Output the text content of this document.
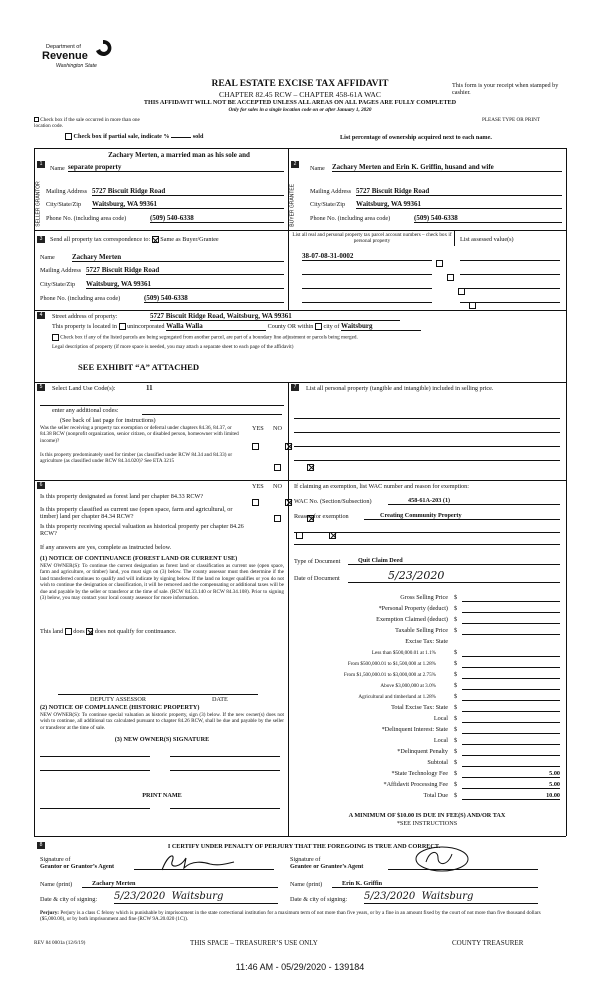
Department of
Revenue
Washington State
REAL ESTATE EXCISE TAX AFFIDAVIT
CHAPTER 82.45 RCW – CHAPTER 458-61A WAC
THIS AFFIDAVIT WILL NOT BE ACCEPTED UNLESS ALL AREAS ON ALL PAGES ARE FULLY COMPLETED
Only for sales in a single location code on or after January 1, 2020
This form is your receipt when stamped by cashier.
PLEASE TYPE OR PRINT
Check box if the sale occurred in more than one location code.
Check box if partial sale, indicate %	sold	List percentage of ownership acquired next to each name.
1
SELLER GRANTOR
Zachary Merten, a married man as his sole and
Name separate property
Mailing Address 5727 Biscuit Ridge Road
City/State/Zip Waitsburg, WA 99361
Phone No. (including area code)	(509) 540-6338
2
BUYER GRANTEE
Name Zachary Merten and Erin K. Griffin, husand and wife
Mailing Address 5727 Biscuit Ridge Road
City/State/Zip Waitsburg, WA 99361
Phone No. (including area code)	(509) 540-6338
3	Send all property tax correspondence to: Same as Buyer/Grantee
Name Zachary Merten
Mailing Address 5727 Biscuit Ridge Road
City/State/Zip Waitsburg, WA 99361
Phone No. (including area code)	(509) 540-6338
List all real and personal property tax parcel account numbers – check box if personal property	List assessed value(s)
38-07-08-31-0002

4	Street address of property:	5727 Biscuit Ridge Road, Waitsburg, WA 99361
This property is located in unincorporated Walla Walla	County OR within city of Waitsburg
Check box if any of the listed parcels are being segregated from another parcel, are part of a boundary line adjustment or parcels being merged.
Legal description of property (if more space is needed, you may attach a separate sheet to each page of the affidavit)
SEE EXHIBIT “A” ATTACHED
5	Select Land Use Code(s):	11
enter any additional codes:
(See back of last page for instructions)
YES NO
Was the seller receiving a property tax exemption or deferral under chapters 84.36, 84.37, or 84.38 RCW (nonprofit organization, senior citizen, or disabled person, homeowner with limited income)?

Is this property predominately used for timber (as classified under RCW 84.34 and 84.33) or agriculture (as classified under RCW 84.34.020)? See ETA 3215

7	List all personal property (tangible and intangible) included in selling price.
6	YES NO
Is this property designated as forest land per chapter 84.33 RCW?

Is this property classified as current use (open space, farm and agricultural, or timber) land per chapter 84.34 RCW?

Is this property receiving special valuation as historical property per chapter 84.26 RCW?

If any answers are yes, complete as instructed below.
(1) NOTICE OF CONTINUANCE (FOREST LAND OR CURRENT USE)
NEW OWNER(S): To continue the current designation as forest land or classification as current use (open space, farm and agriculture, or timber) land, you must sign on (3) below. The county assessor must then determine if the land transferred continues to qualify and will indicate by signing below. If the land no longer qualifies or you do not wish to continue the designation or classification, it will be removed and the compensating or additional taxes will be due and payable by the seller or transferor at the time of sale. (RCW 84.33.140 or RCW 84.34.108). Prior to signing (3) below, you may contact your local county assessor for more information.
This land does does not qualify for continuance.
DEPUTY ASSESSOR	DATE
(2) NOTICE OF COMPLIANCE (HISTORIC PROPERTY)
NEW OWNER(S): To continue special valuation as historic property, sign (3) below. If the new owner(s) does not wish to continue, all additional tax calculated pursuant to chapter 84.26 RCW, shall be due and payable by the seller or transferor at the time of sale.
(3) NEW OWNER(S) SIGNATURE
PRINT NAME
If claiming an exemption, list WAC number and reason for exemption:
WAC No. (Section/Subsection)	458-61A-203 (1)
Reason for exemption	Creating Community Property
Type of Document	Quit Claim Deed
Date of Document	5/23/2020
Gross Selling Price $
*Personal Property (deduct) $
Exemption Claimed (deduct) $
Taxable Selling Price $
Excise Tax: State
Less than $500,000.01 at 1.1%	$
From $500,000.01 to $1,500,000 at 1.28%	$
From $1,500,000.01 to $3,000,000 at 2.75%	$
Above $3,000,000 at 3.0%	$
Agricultural and timberland at 1.28%	$
Total Excise Tax: State $
Local $
*Delinquent Interest: State $
Local $
*Delinquent Penalty $
Subtotal $
*State Technology Fee $	5.00
*Affidavit Processing Fee $	5.00
Total Due $	10.00
A MINIMUM OF $10.00 IS DUE IN FEE(S) AND/OR TAX
*SEE INSTRUCTIONS
8	I CERTIFY UNDER PENALTY OF PERJURY THAT THE FOREGOING IS TRUE AND CORRECT.
Signature of
Grantor or Grantor’s Agent
Signature of
Grantee or Grantee’s Agent
Name (print)	Zachary Merten	Name (print)	Erin K. Griffin
Date & city of signing: 5/23/2020  Waitsburg	Date & city of signing: 5/23/2020  Waitsburg
Perjury: Perjury is a class C felony which is punishable by imprisonment in the state correctional institution for a maximum term of not more than five years, or by a fine in an amount fixed by the court of not more than five thousand dollars ($5,000.00), or by both imprisonment and fine (RCW 9A.20.020 (1C)).
REV 84 0001a (12/6/19)	THIS SPACE – TREASURER’S USE ONLY	COUNTY TREASURER
11:46 AM - 05/29/2020 - 139184
